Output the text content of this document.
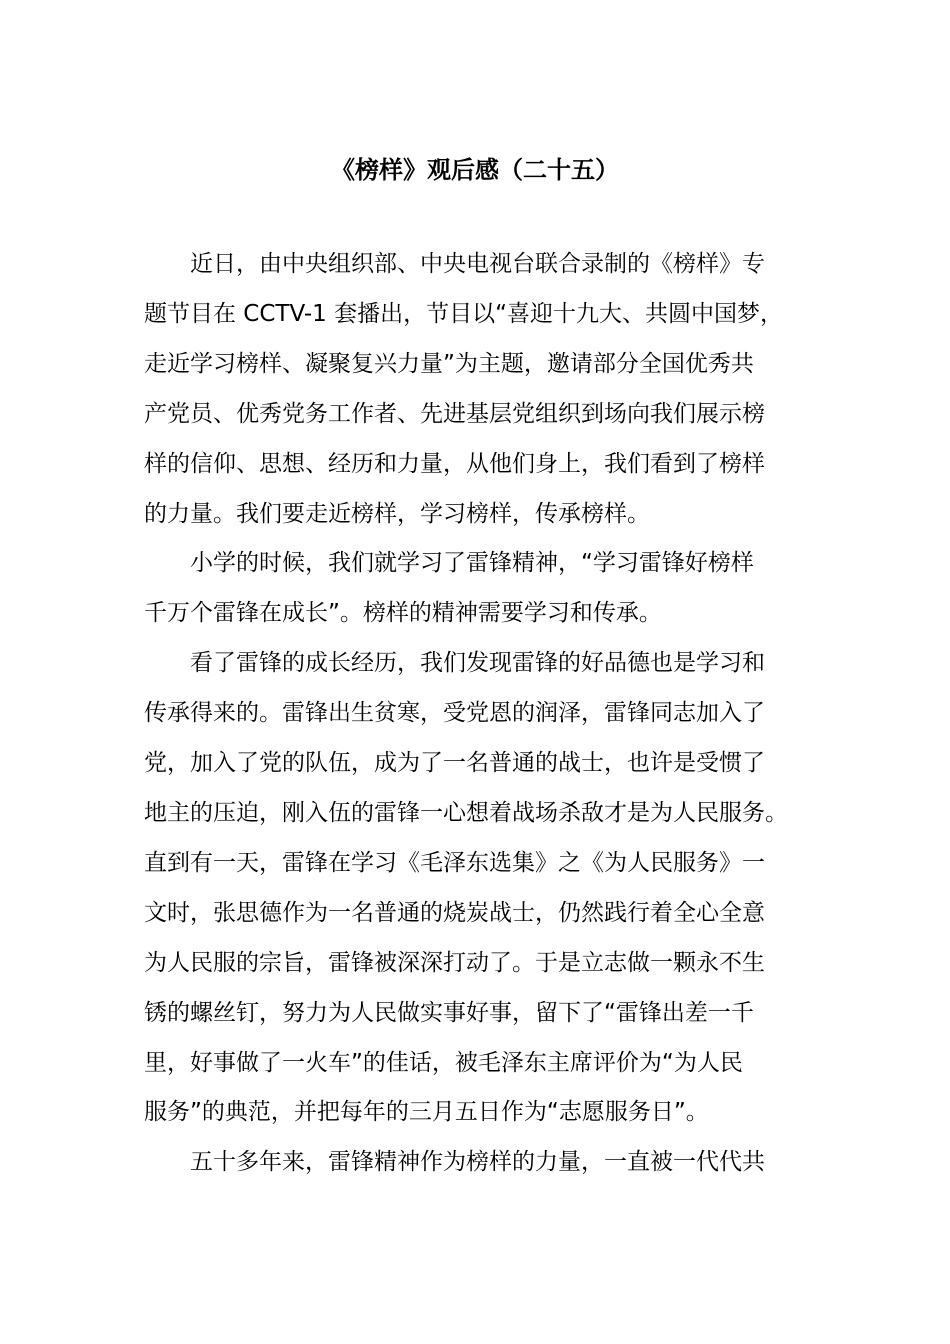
《榜样》观后感（二十五）

近日，由中央组织部、中央电视台联合录制的《榜样》专
题节目在 CCTV-1 套播出，节目以“喜迎十九大、共圆中国梦，
走近学习榜样、凝聚复兴力量”为主题，邀请部分全国优秀共
产党员、优秀党务工作者、先进基层党组织到场向我们展示榜
样的信仰、思想、经历和力量，从他们身上，我们看到了榜样
的力量。我们要走近榜样，学习榜样，传承榜样。

小学的时候，我们就学习了雷锋精神，“学习雷锋好榜样
千万个雷锋在成长”。榜样的精神需要学习和传承。

看了雷锋的成长经历，我们发现雷锋的好品德也是学习和
传承得来的。雷锋出生贫寒，受党恩的润泽，雷锋同志加入了
党，加入了党的队伍，成为了一名普通的战士，也许是受惯了
地主的压迫，刚入伍的雷锋一心想着战场杀敌才是为人民服务。
直到有一天，雷锋在学习《毛泽东选集》之《为人民服务》一
文时，张思德作为一名普通的烧炭战士，仍然践行着全心全意
为人民服的宗旨，雷锋被深深打动了。于是立志做一颗永不生
锈的螺丝钉，努力为人民做实事好事，留下了“雷锋出差一千
里，好事做了一火车”的佳话，被毛泽东主席评价为“为人民
服务”的典范，并把每年的三月五日作为“志愿服务日”。

五十多年来，雷锋精神作为榜样的力量，一直被一代代共
